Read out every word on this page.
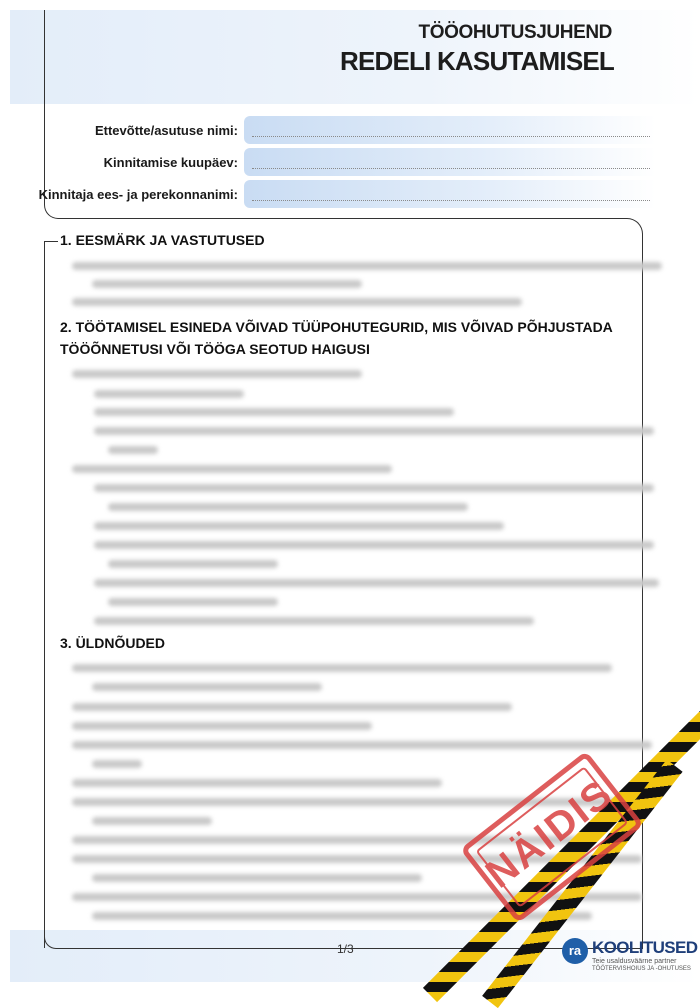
TÖÖOHUTUSJUHEND
REDELI KASUTAMISEL
Ettevõtte/asutuse nimi:
Kinnitamise kuupäev:
Kinnitaja ees- ja perekonnanimi:
1. EESMÄRK JA VASTUTUSED
2. TÖÖTAMISEL ESINEDA VÕIVAD TÜÜPOHUTEGURID, MIS VÕIVAD PÕHJUSTADA
TÖÖÕNNETUSI VÕI TÖÖGA SEOTUD HAIGUSI
3. ÜLDNÕUDED
1/3	ra KOOLITUSED
Teie usaldusväärne partner
TÖÖTERVISHOIUS JA -OHUTUSES
NÄIDIS
